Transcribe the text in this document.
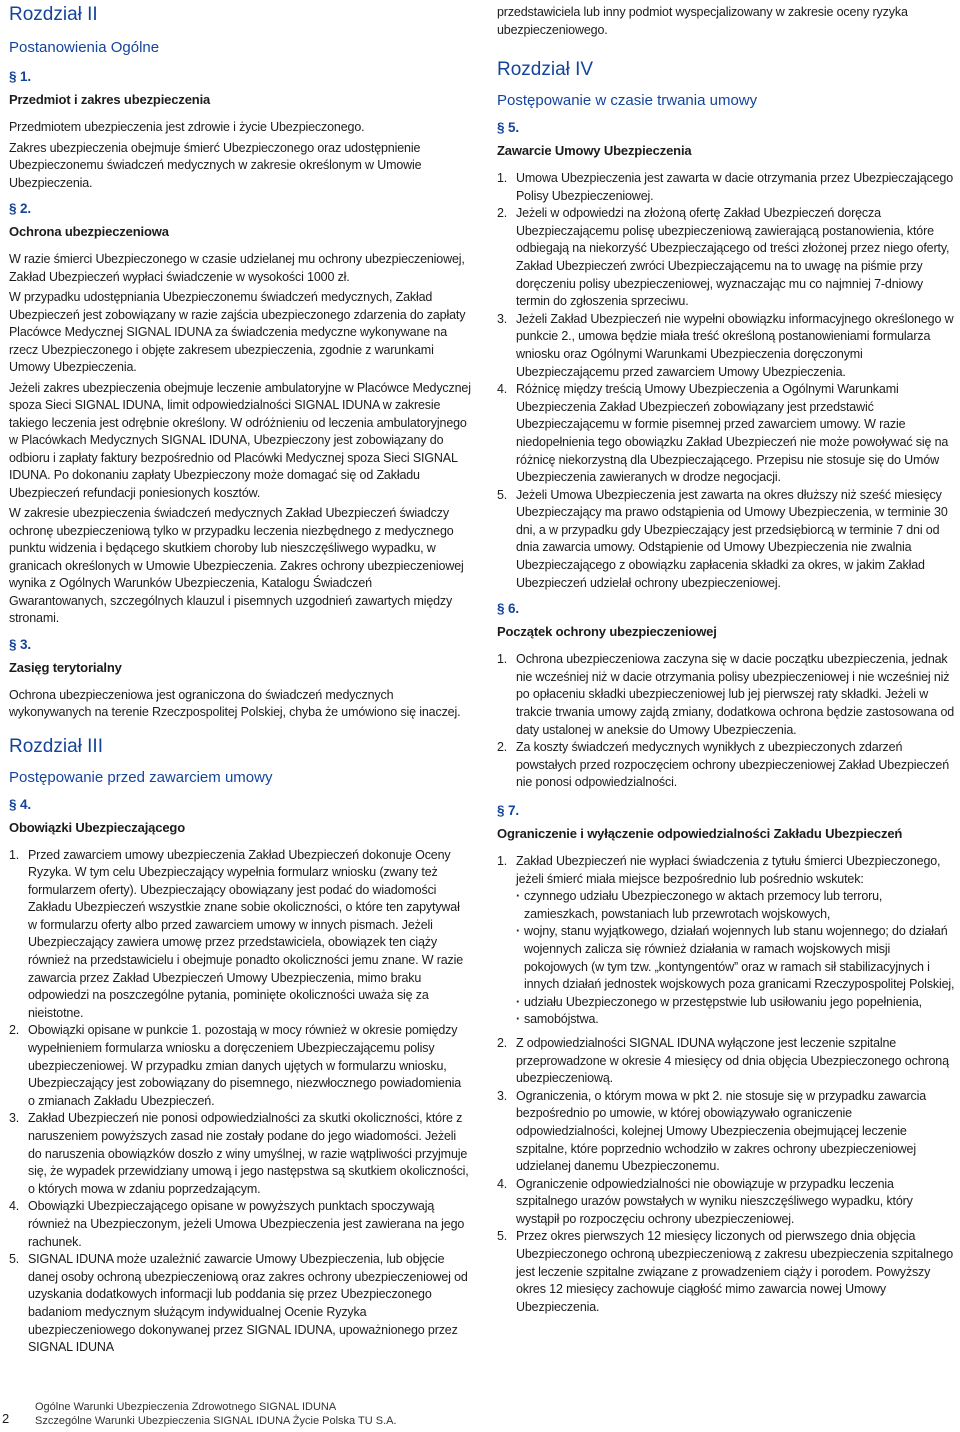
Rozdział II
Postanowienia Ogólne

§ 1.

Przedmiot i zakres ubezpieczenia

Przedmiotem ubezpieczenia jest zdrowie i życie Ubezpieczonego.

Zakres ubezpieczenia obejmuje śmierć Ubezpieczonego oraz udostępnienie Ubezpieczonemu świadczeń medycznych w zakresie określonym w Umowie Ubezpieczenia.

§ 2.

Ochrona ubezpieczeniowa

W razie śmierci Ubezpieczonego w czasie udzielanej mu ochrony ubezpieczeniowej, Zakład Ubezpieczeń wypłaci świadczenie w wysokości 1000 zł.

W przypadku udostępniania Ubezpieczonemu świadczeń medycznych, Zakład Ubezpieczeń jest zobowiązany w razie zajścia ubezpieczonego zdarzenia do zapłaty Placówce Medycznej SIGNAL IDUNA za świadczenia medyczne wykonywane na rzecz Ubezpieczonego i objęte zakresem ubezpieczenia, zgodnie z warunkami Umowy Ubezpieczenia.

Jeżeli zakres ubezpieczenia obejmuje leczenie ambulatoryjne w Placówce Medycznej spoza Sieci SIGNAL IDUNA, limit odpowiedzialności SIGNAL IDUNA w zakresie takiego leczenia jest odrębnie określony. W odróżnieniu od leczenia ambulatoryjnego w Placówkach Medycznych SIGNAL IDUNA, Ubezpieczony jest zobowiązany do odbioru i zapłaty faktury bezpośrednio od Placówki Medycznej spoza Sieci SIGNAL IDUNA. Po dokonaniu zapłaty Ubezpieczony może domagać się od Zakładu Ubezpieczeń refundacji poniesionych kosztów.

W zakresie ubezpieczenia świadczeń medycznych Zakład Ubezpieczeń świadczy ochronę ubezpieczeniową tylko w przypadku leczenia niezbędnego z medycznego punktu widzenia i będącego skutkiem choroby lub nieszczęśliwego wypadku, w granicach określonych w Umowie Ubezpieczenia. Zakres ochrony ubezpieczeniowej wynika z Ogólnych Warunków Ubezpieczenia, Katalogu Świadczeń Gwarantowanych, szczególnych klauzul i pisemnych uzgodnień zawartych między stronami.

§ 3.

Zasięg terytorialny

Ochrona ubezpieczeniowa jest ograniczona do świadczeń medycznych wykonywanych na terenie Rzeczpospolitej Polskiej, chyba że umówiono się inaczej.

Rozdział III
Postępowanie przed zawarciem umowy

§ 4.

Obowiązki Ubezpieczającego

1. Przed zawarciem umowy ubezpieczenia Zakład Ubezpieczeń dokonuje Oceny Ryzyka. W tym celu Ubezpieczający wypełnia formularz wniosku (zwany też formularzem oferty). Ubezpieczający obowiązany jest podać do wiadomości Zakładu Ubezpieczeń wszystkie znane sobie okoliczności, o które ten zapytywał w formularzu oferty albo przed zawarciem umowy w innych pismach. Jeżeli Ubezpieczający zawiera umowę przez przedstawiciela, obowiązek ten ciąży również na przedstawicielu i obejmuje ponadto okoliczności jemu znane. W razie zawarcia przez Zakład Ubezpieczeń Umowy Ubezpieczenia, mimo braku odpowiedzi na poszczególne pytania, pominięte okoliczności uważa się za nieistotne.
2. Obowiązki opisane w punkcie 1. pozostają w mocy również w okresie pomiędzy wypełnieniem formularza wniosku a doręczeniem Ubezpieczającemu polisy ubezpieczeniowej. W przypadku zmian danych ujętych w formularzu wniosku, Ubezpieczający jest zobowiązany do pisemnego, niezwłocznego powiadomienia o zmianach Zakładu Ubezpieczeń.
3. Zakład Ubezpieczeń nie ponosi odpowiedzialności za skutki okoliczności, które z naruszeniem powyższych zasad nie zostały podane do jego wiadomości. Jeżeli do naruszenia obowiązków doszło z winy umyślnej, w razie wątpliwości przyjmuje się, że wypadek przewidziany umową i jego następstwa są skutkiem okoliczności, o których mowa w zdaniu poprzedzającym.
4. Obowiązki Ubezpieczającego opisane w powyższych punktach spoczywają również na Ubezpieczonym, jeżeli Umowa Ubezpieczenia jest zawierana na jego rachunek.
5. SIGNAL IDUNA może uzależnić zawarcie Umowy Ubezpieczenia, lub objęcie danej osoby ochroną ubezpieczeniową oraz zakres ochrony ubezpieczeniowej od uzyskania dodatkowych informacji lub poddania się przez Ubezpieczonego badaniom medycznym służącym indywidualnej Ocenie Ryzyka ubezpieczeniowego dokonywanej przez SIGNAL IDUNA, upoważnionego przez SIGNAL IDUNA

przedstawiciela lub inny podmiot wyspecjalizowany w zakresie oceny ryzyka ubezpieczeniowego.

Rozdział IV
Postępowanie w czasie trwania umowy

§ 5.

Zawarcie Umowy Ubezpieczenia

1. Umowa Ubezpieczenia jest zawarta w dacie otrzymania przez Ubezpieczającego Polisy Ubezpieczeniowej.
2. Jeżeli w odpowiedzi na złożoną ofertę Zakład Ubezpieczeń doręcza Ubezpieczającemu polisę ubezpieczeniową zawierającą postanowienia, które odbiegają na niekorzyść Ubezpieczającego od treści złożonej przez niego oferty, Zakład Ubezpieczeń zwróci Ubezpieczającemu na to uwagę na piśmie przy doręczeniu polisy ubezpieczeniowej, wyznaczając mu co najmniej 7-dniowy termin do zgłoszenia sprzeciwu.
3. Jeżeli Zakład Ubezpieczeń nie wypełni obowiązku informacyjnego określonego w punkcie 2., umowa będzie miała treść określoną postanowieniami formularza wniosku oraz Ogólnymi Warunkami Ubezpieczenia doręczonymi Ubezpieczającemu przed zawarciem Umowy Ubezpieczenia.
4. Różnicę między treścią Umowy Ubezpieczenia a Ogólnymi Warunkami Ubezpieczenia Zakład Ubezpieczeń zobowiązany jest przedstawić Ubezpieczającemu w formie pisemnej przed zawarciem umowy. W razie niedopełnienia tego obowiązku Zakład Ubezpieczeń nie może powoływać się na różnicę niekorzystną dla Ubezpieczającego. Przepisu nie stosuje się do Umów Ubezpieczenia zawieranych w drodze negocjacji.
5. Jeżeli Umowa Ubezpieczenia jest zawarta na okres dłuższy niż sześć miesięcy Ubezpieczający ma prawo odstąpienia od Umowy Ubezpieczenia, w terminie 30 dni, a w przypadku gdy Ubezpieczający jest przedsiębiorcą w terminie 7 dni od dnia zawarcia umowy. Odstąpienie od Umowy Ubezpieczenia nie zwalnia Ubezpieczającego z obowiązku zapłacenia składki za okres, w jakim Zakład Ubezpieczeń udzielał ochrony ubezpieczeniowej.

§ 6.

Początek ochrony ubezpieczeniowej

1. Ochrona ubezpieczeniowa zaczyna się w dacie początku ubezpieczenia, jednak nie wcześniej niż w dacie otrzymania polisy ubezpieczeniowej i nie wcześniej niż po opłaceniu składki ubezpieczeniowej lub jej pierwszej raty składki. Jeżeli w trakcie trwania umowy zajdą zmiany, dodatkowa ochrona będzie zastosowana od daty ustalonej w aneksie do Umowy Ubezpieczenia.
2. Za koszty świadczeń medycznych wynikłych z ubezpieczonych zdarzeń powstałych przed rozpoczęciem ochrony ubezpieczeniowej Zakład Ubezpieczeń nie ponosi odpowiedzialności.

§ 7.

Ograniczenie i wyłączenie odpowiedzialności Zakładu Ubezpieczeń

1. Zakład Ubezpieczeń nie wypłaci świadczenia z tytułu śmierci Ubezpieczonego, jeżeli śmierć miała miejsce bezpośrednio lub pośrednio wskutek:
· czynnego udziału Ubezpieczonego w aktach przemocy lub terroru, zamieszkach, powstaniach lub przewrotach wojskowych,
· wojny, stanu wyjątkowego, działań wojennych lub stanu wojennego; do działań wojennych zalicza się również działania w ramach wojskowych misji pokojowych (w tym tzw. „kontyngentów” oraz w ramach sił stabilizacyjnych i innych działań jednostek wojskowych poza granicami Rzeczypospolitej Polskiej,
· udziału Ubezpieczonego w przestępstwie lub usiłowaniu jego popełnienia,
· samobójstwa.
2. Z odpowiedzialności SIGNAL IDUNA wyłączone jest leczenie szpitalne przeprowadzone w okresie 4 miesięcy od dnia objęcia Ubezpieczonego ochroną ubezpieczeniową.
3. Ograniczenia, o którym mowa w pkt 2. nie stosuje się w przypadku zawarcia bezpośrednio po umowie, w której obowiązywało ograniczenie odpowiedzialności, kolejnej Umowy Ubezpieczenia obejmującej leczenie szpitalne, które poprzednio wchodziło w zakres ochrony ubezpieczeniowej udzielanej danemu Ubezpieczonemu.
4. Ograniczenie odpowiedzialności nie obowiązuje w przypadku leczenia szpitalnego urazów powstałych w wyniku nieszczęśliwego wypadku, który wystąpił po rozpoczęciu ochrony ubezpieczeniowej.
5. Przez okres pierwszych 12 miesięcy liczonych od pierwszego dnia objęcia Ubezpieczonego ochroną ubezpieczeniową z zakresu ubezpieczenia szpitalnego jest leczenie szpitalne związane z prowadzeniem ciąży i porodem. Powyższy okres 12 miesięcy zachowuje ciągłość mimo zawarcia nowej Umowy Ubezpieczenia.
2
Ogólne Warunki Ubezpieczenia Zdrowotnego SIGNAL IDUNA
Szczególne Warunki Ubezpieczenia SIGNAL IDUNA Życie Polska TU S.A.
